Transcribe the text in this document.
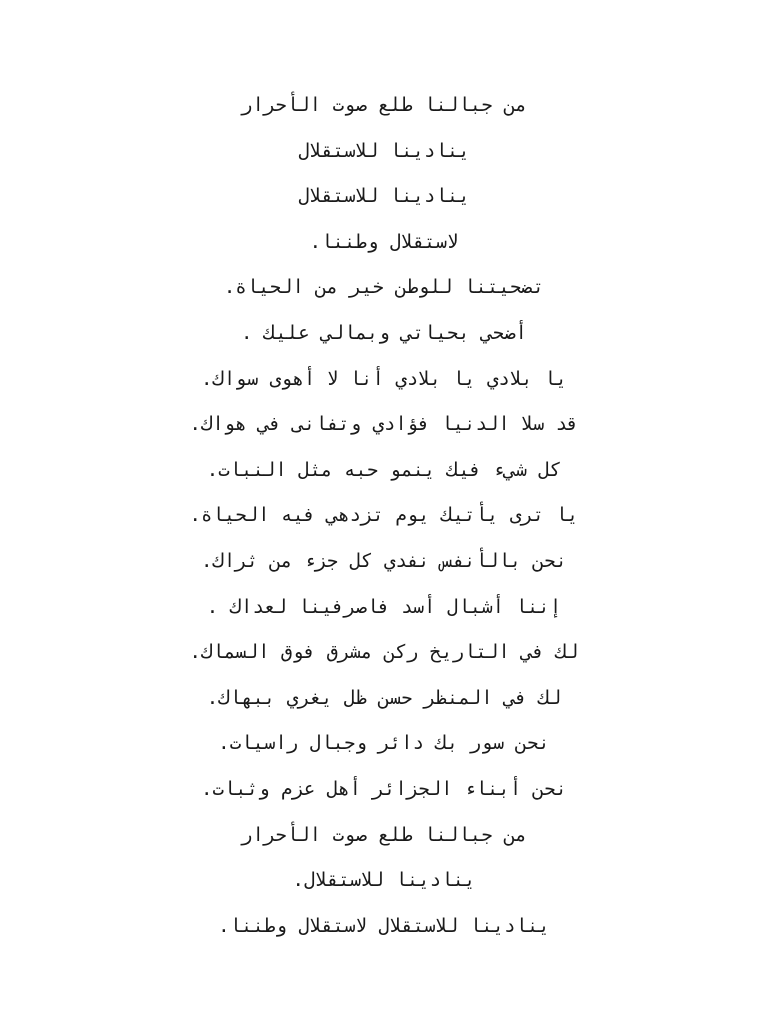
من جبالنا طلع صوت الأحرار
ينادينا للاستقلال
ينادينا للاستقلال
لاستقلال وطننا.
تضحيتنا للوطن خير من الحياة.
أضحي بحياتي وبمالي عليك .
يا بلادي يا بلادي أنا لا أهوى سواك.
قد سلا الدنيا فؤادي وتفانى في هواك.
كل شيء فيك ينمو حبه مثل النبات.
يا ترى يأتيك يوم تزدهي فيه الحياة.
نحن بالأنفس نفدي كل جزء من ثراك.
إننا أشبال أسد فاصرفينا لعداك .
لك في التاريخ ركن مشرق فوق السماك.
لك في المنظر حسن ظل يغري ببهاك.
نحن سور بك دائر وجبال راسيات.
نحن أبناء الجزائر أهل عزم وثبات.
من جبالنا طلع صوت الأحرار
ينادينا للاستقلال.
ينادينا للاستقلال لاستقلال وطننا.
